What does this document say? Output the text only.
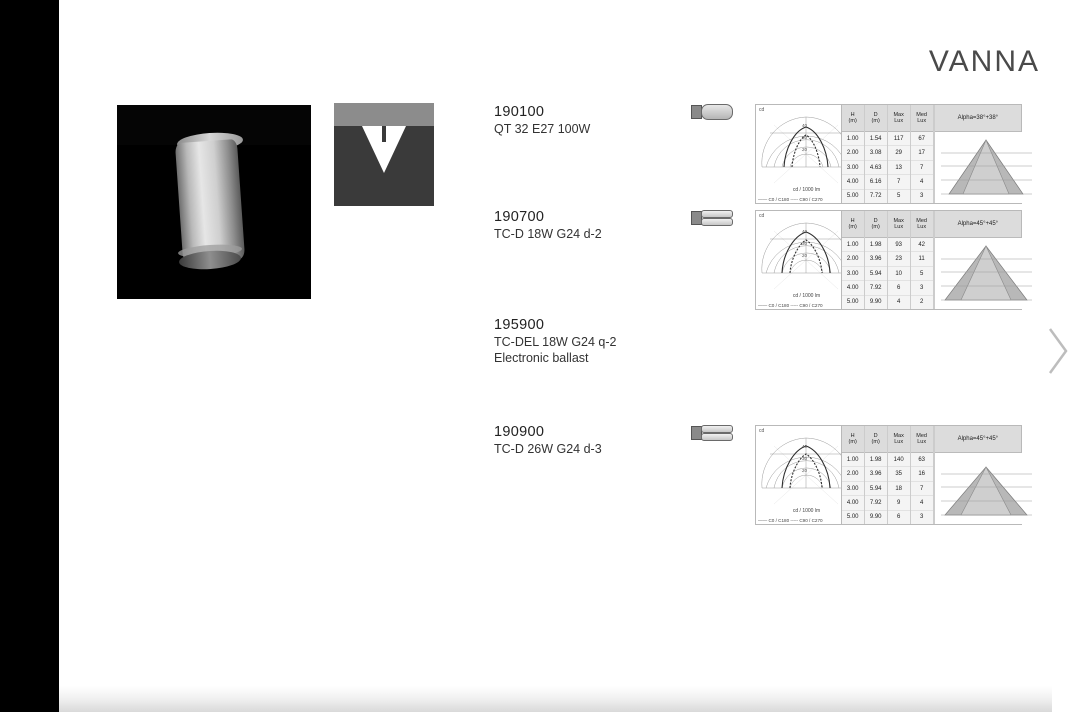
VANNA
190100
QT 32 E27 100W
cd
40
30
20
cd / 1000 lm
—— C0 / C180 ----- C90 / C270
H
(m)
1.00
2.00
3.00
4.00
5.00
D
(m)
1.54
3.08
4.63
6.16
7.72
Max
Lux
117
29
13
7
5
Med
Lux
67
17
7
4
3
Alpha=38°+38°
190700
TC-D 18W G24 d-2
cd
40
30
20
cd / 1000 lm
—— C0 / C180 ----- C90 / C270
H
(m)
1.00
2.00
3.00
4.00
5.00
D
(m)
1.98
3.96
5.94
7.92
9.90
Max
Lux
93
23
10
6
4
Med
Lux
42
11
5
3
2
Alpha=45°+45°
195900
TC-DEL 18W G24 q-2
Electronic ballast
190900
TC-D 26W G24 d-3
cd
40
30
20
cd / 1000 lm
—— C0 / C180 ----- C90 / C270
H
(m)
1.00
2.00
3.00
4.00
5.00
D
(m)
1.98
3.96
5.94
7.92
9.90
Max
Lux
140
35
18
9
6
Med
Lux
63
16
7
4
3
Alpha=45°+45°
